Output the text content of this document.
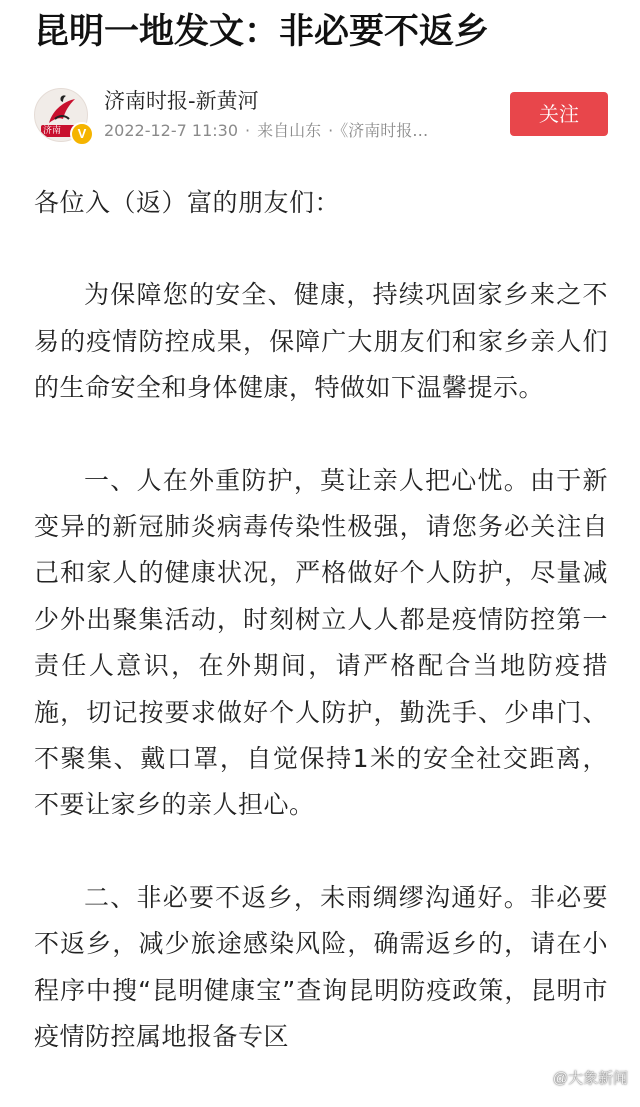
昆明一地发文：非必要不返乡
济南	V
济南时报-新黄河
2022-12-7 11:30 · 来自山东 · 《济南时报…
关注

各位入（返）富的朋友们：

为保障您的安全、健康，持续巩固家乡来之不易的疫情防控成果，保障广大朋友们和家乡亲人们的生命安全和身体健康，特做如下温馨提示。

一、人在外重防护，莫让亲人把心忧。由于新变异的新冠肺炎病毒传染性极强，请您务必关注自己和家人的健康状况，严格做好个人防护，尽量减少外出聚集活动，时刻树立人人都是疫情防控第一责任人意识，在外期间，请严格配合当地防疫措施，切记按要求做好个人防护，勤洗手、少串门、不聚集、戴口罩，自觉保持1米的安全社交距离，不要让家乡的亲人担心。

二、非必要不返乡，未雨绸缪沟通好。非必要不返乡，减少旅途感染风险，确需返乡的，请在小程序中搜“昆明健康宝”查询昆明防疫政策，昆明市疫情防控属地报备专区

@大象新闻
